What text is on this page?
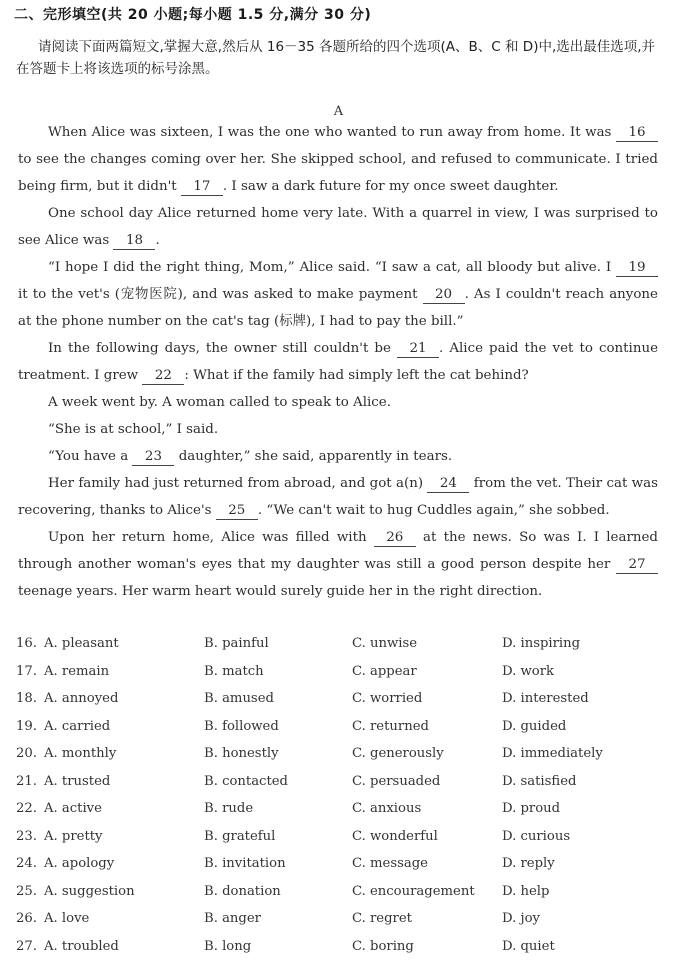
二、完形填空(共 20 小题;每小题 1.5 分,满分 30 分)

请阅读下面两篇短文,掌握大意,然后从 16－35 各题所给的四个选项(A、B、C 和 D)中,选出最佳选项,并在答题卡上将该选项的标号涂黑。

A

When Alice was sixteen, I was the one who wanted to run away from home. It was 16 to see the changes coming over her. She skipped school, and refused to communicate. I tried being firm, but it didn't 17 . I saw a dark future for my once sweet daughter.

One school day Alice returned home very late. With a quarrel in view, I was surprised to see Alice was 18 .

“I hope I did the right thing, Mom,” Alice said. “I saw a cat, all bloody but alive. I 19 it to the vet's (宠物医院), and was asked to make payment 20 . As I couldn't reach anyone at the phone number on the cat's tag (标牌), I had to pay the bill.”

In the following days, the owner still couldn't be 21 . Alice paid the vet to continue treatment. I grew 22 : What if the family had simply left the cat behind?

A week went by. A woman called to speak to Alice.

“She is at school,” I said.

“You have a 23 daughter,” she said, apparently in tears.

Her family had just returned from abroad, and got a(n) 24 from the vet. Their cat was recovering, thanks to Alice's 25 . “We can't wait to hug Cuddles again,” she sobbed.

Upon her return home, Alice was filled with 26 at the news. So was I. I learned through another woman's eyes that my daughter was still a good person despite her 27 teenage years. Her warm heart would surely guide her in the right direction.

16. A. pleasant	B. painful	C. unwise	D. inspiring
17. A. remain	B. match	C. appear	D. work
18. A. annoyed	B. amused	C. worried	D. interested
19. A. carried	B. followed	C. returned	D. guided
20. A. monthly	B. honestly	C. generously	D. immediately
21. A. trusted	B. contacted	C. persuaded	D. satisfied
22. A. active	B. rude	C. anxious	D. proud
23. A. pretty	B. grateful	C. wonderful	D. curious
24. A. apology	B. invitation	C. message	D. reply
25. A. suggestion	B. donation	C. encouragement D. help
26. A. love	B. anger	C. regret	D. joy
27. A. troubled	B. long	C. boring	D. quiet
